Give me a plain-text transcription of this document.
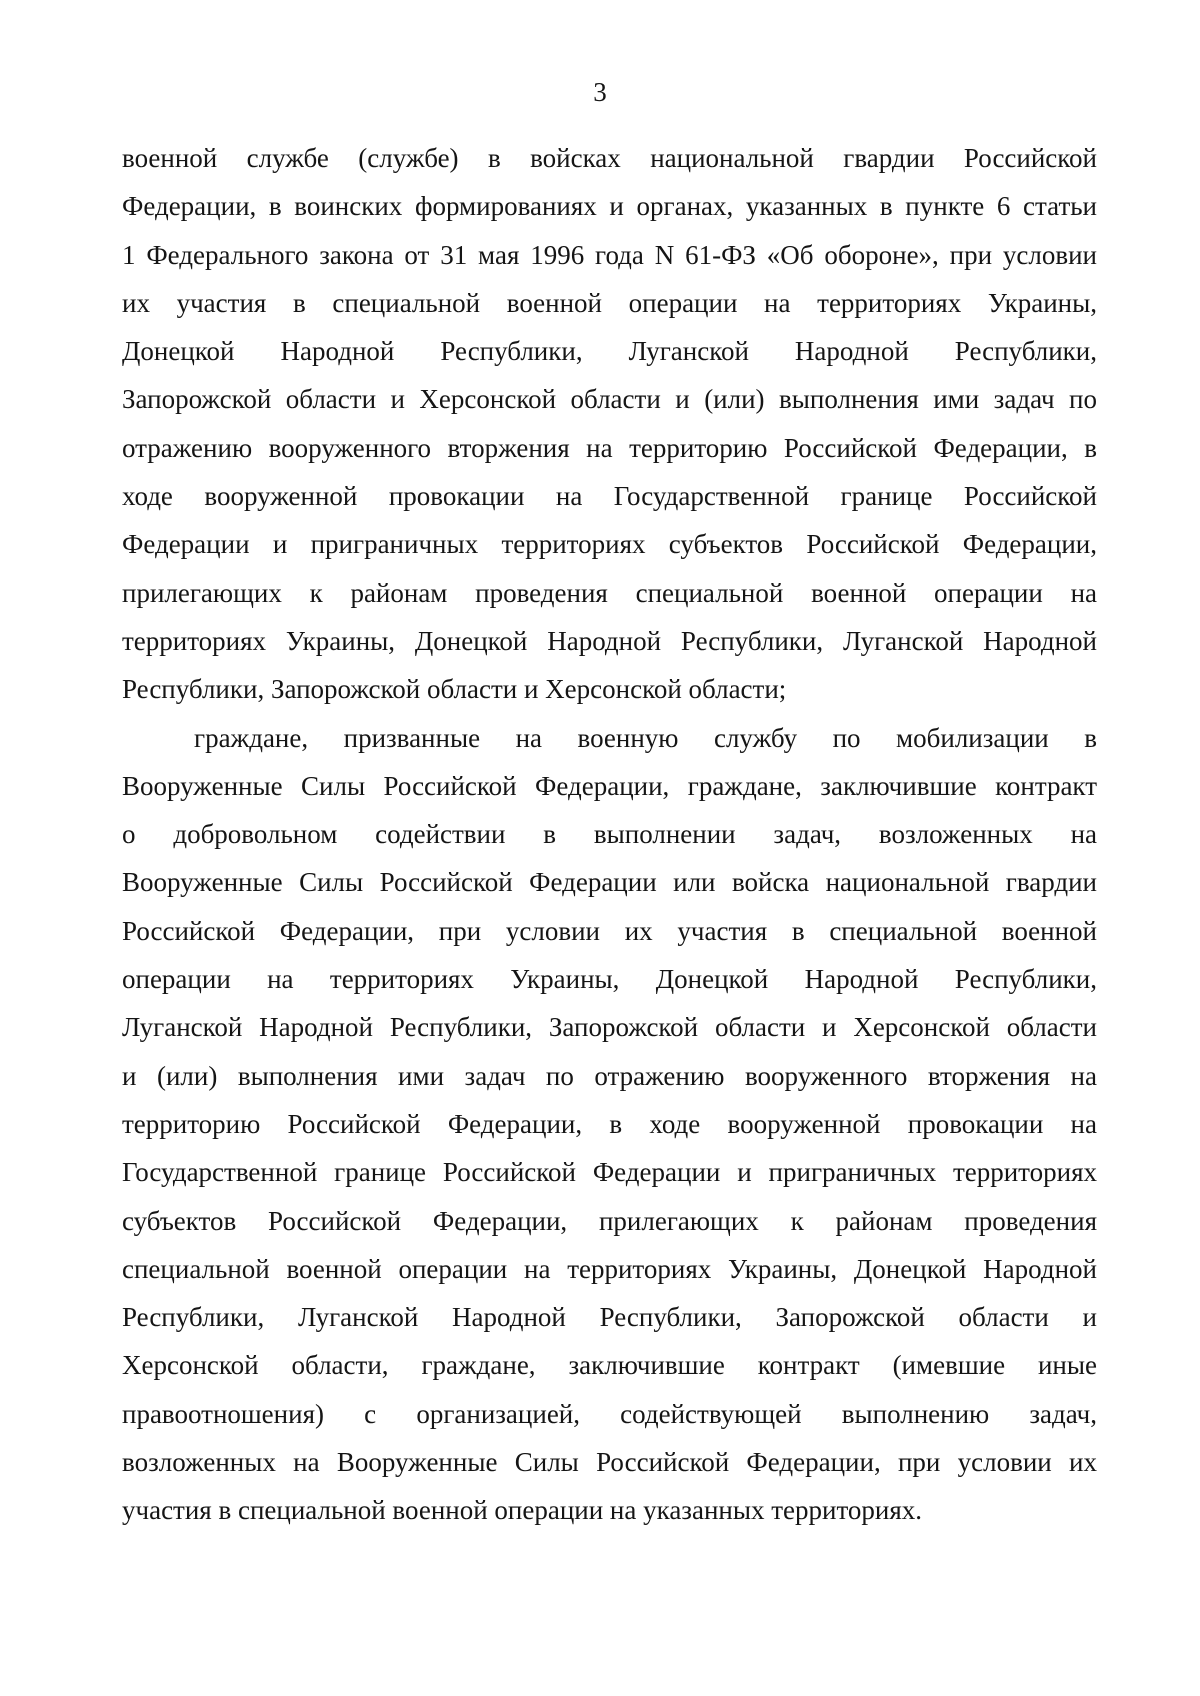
3
военной службе (службе) в войсках национальной гвардии Российской
Федерации, в воинских формированиях и органах, указанных в пункте 6 статьи
1 Федерального закона от 31 мая 1996 года N 61-ФЗ «Об обороне», при условии
их участия в специальной военной операции на территориях Украины,
Донецкой Народной Республики, Луганской Народной Республики,
Запорожской области и Херсонской области и (или) выполнения ими задач по
отражению вооруженного вторжения на территорию Российской Федерации, в
ходе вооруженной провокации на Государственной границе Российской
Федерации и приграничных территориях субъектов Российской Федерации,
прилегающих к районам проведения специальной военной операции на
территориях Украины, Донецкой Народной Республики, Луганской Народной
Республики, Запорожской области и Херсонской области;
граждане, призванные на военную службу по мобилизации в
Вооруженные Силы Российской Федерации, граждане, заключившие контракт
о добровольном содействии в выполнении задач, возложенных на
Вооруженные Силы Российской Федерации или войска национальной гвардии
Российской Федерации, при условии их участия в специальной военной
операции на территориях Украины, Донецкой Народной Республики,
Луганской Народной Республики, Запорожской области и Херсонской области
и (или) выполнения ими задач по отражению вооруженного вторжения на
территорию Российской Федерации, в ходе вооруженной провокации на
Государственной границе Российской Федерации и приграничных территориях
субъектов Российской Федерации, прилегающих к районам проведения
специальной военной операции на территориях Украины, Донецкой Народной
Республики, Луганской Народной Республики, Запорожской области и
Херсонской области, граждане, заключившие контракт (имевшие иные
правоотношения) с организацией, содействующей выполнению задач,
возложенных на Вооруженные Силы Российской Федерации, при условии их
участия в специальной военной операции на указанных территориях.
